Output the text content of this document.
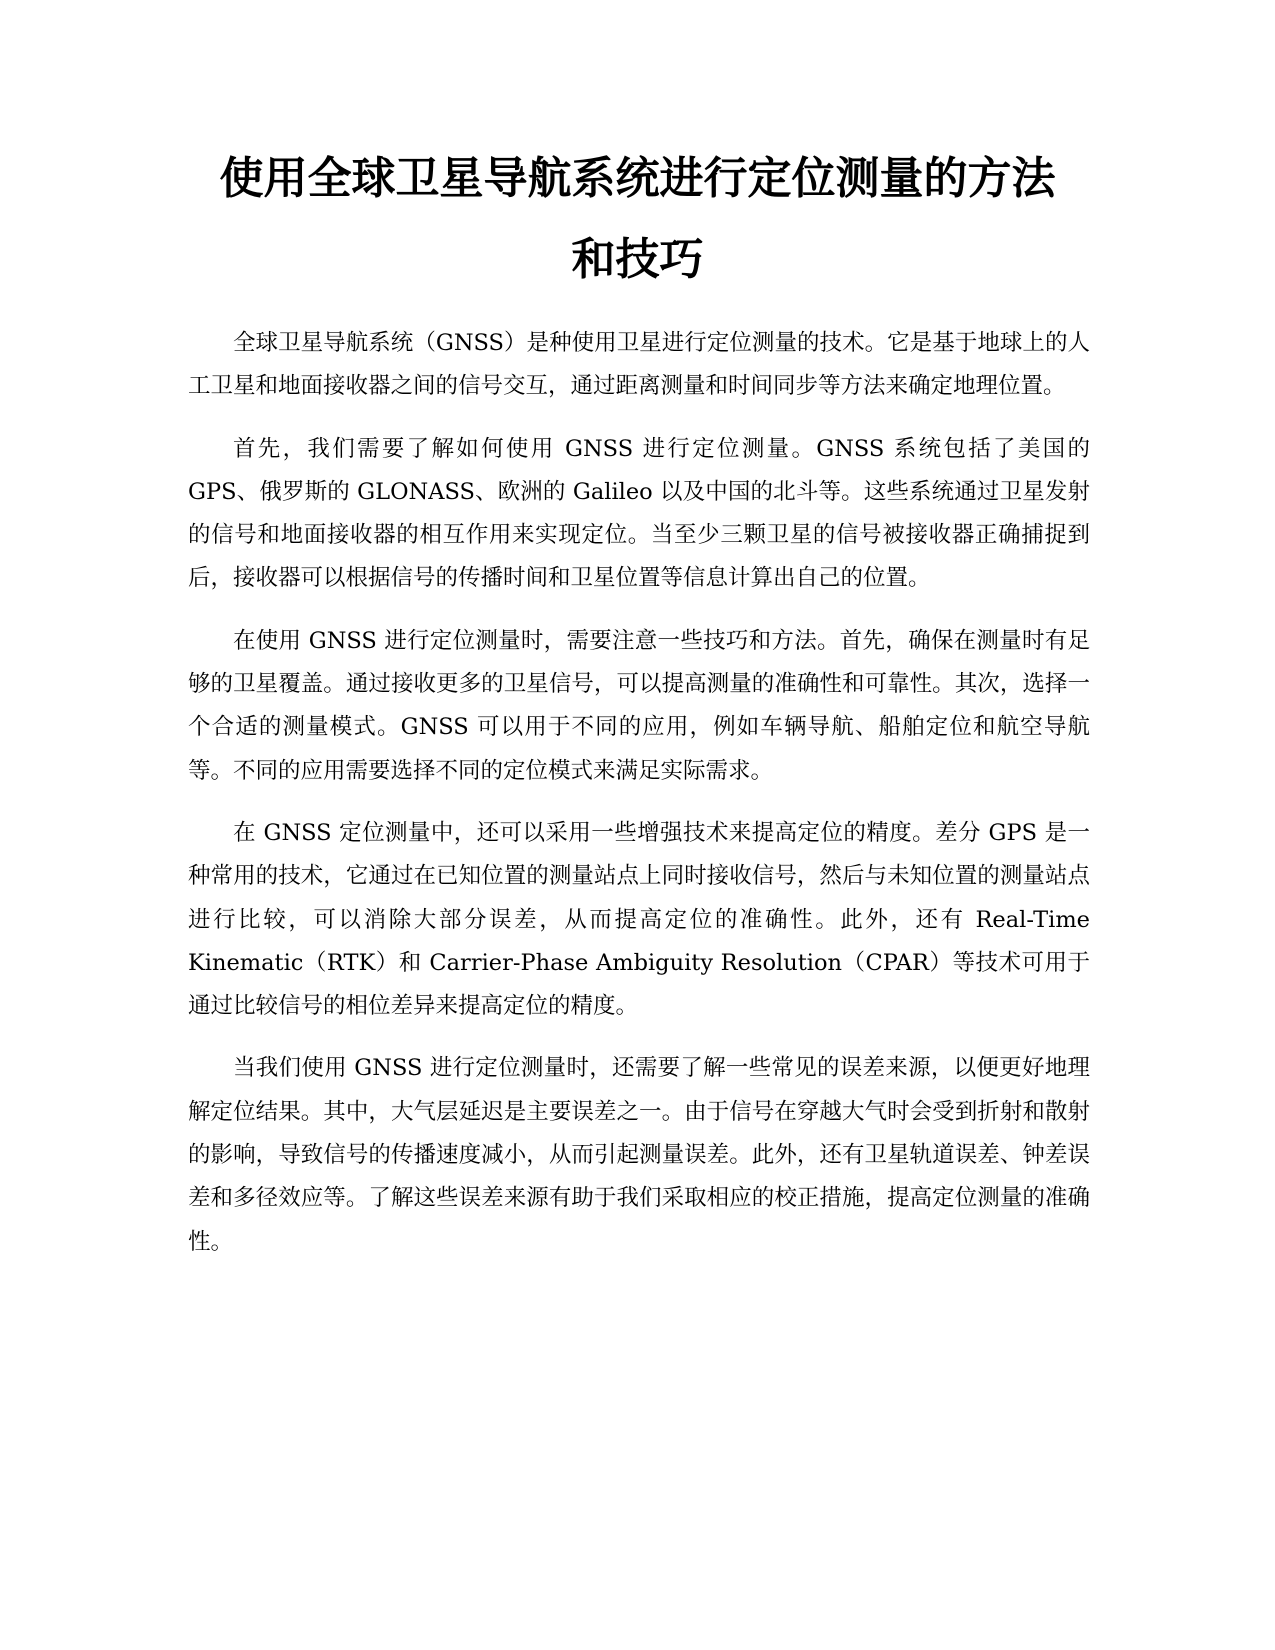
使用全球卫星导航系统进行定位测量的方法
和技巧

全球卫星导航系统（GNSS）是种使用卫星进行定位测量的技术。它是基于地球上的人工卫星和地面接收器之间的信号交互，通过距离测量和时间同步等方法来确定地理位置。

首先，我们需要了解如何使用 GNSS 进行定位测量。GNSS 系统包括了美国的 GPS、俄罗斯的 GLONASS、欧洲的 Galileo 以及中国的北斗等。这些系统通过卫星发射的信号和地面接收器的相互作用来实现定位。当至少三颗卫星的信号被接收器正确捕捉到后，接收器可以根据信号的传播时间和卫星位置等信息计算出自己的位置。

在使用 GNSS 进行定位测量时，需要注意一些技巧和方法。首先，确保在测量时有足够的卫星覆盖。通过接收更多的卫星信号，可以提高测量的准确性和可靠性。其次，选择一个合适的测量模式。GNSS 可以用于不同的应用，例如车辆导航、船舶定位和航空导航等。不同的应用需要选择不同的定位模式来满足实际需求。

在 GNSS 定位测量中，还可以采用一些增强技术来提高定位的精度。差分 GPS 是一种常用的技术，它通过在已知位置的测量站点上同时接收信号，然后与未知位置的测量站点进行比较，可以消除大部分误差，从而提高定位的准确性。此外，还有 Real-Time Kinematic（RTK）和 Carrier-Phase Ambiguity Resolution（CPAR）等技术可用于通过比较信号的相位差异来提高定位的精度。

当我们使用 GNSS 进行定位测量时，还需要了解一些常见的误差来源，以便更好地理解定位结果。其中，大气层延迟是主要误差之一。由于信号在穿越大气时会受到折射和散射的影响，导致信号的传播速度减小，从而引起测量误差。此外，还有卫星轨道误差、钟差误差和多径效应等。了解这些误差来源有助于我们采取相应的校正措施，提高定位测量的准确性。
